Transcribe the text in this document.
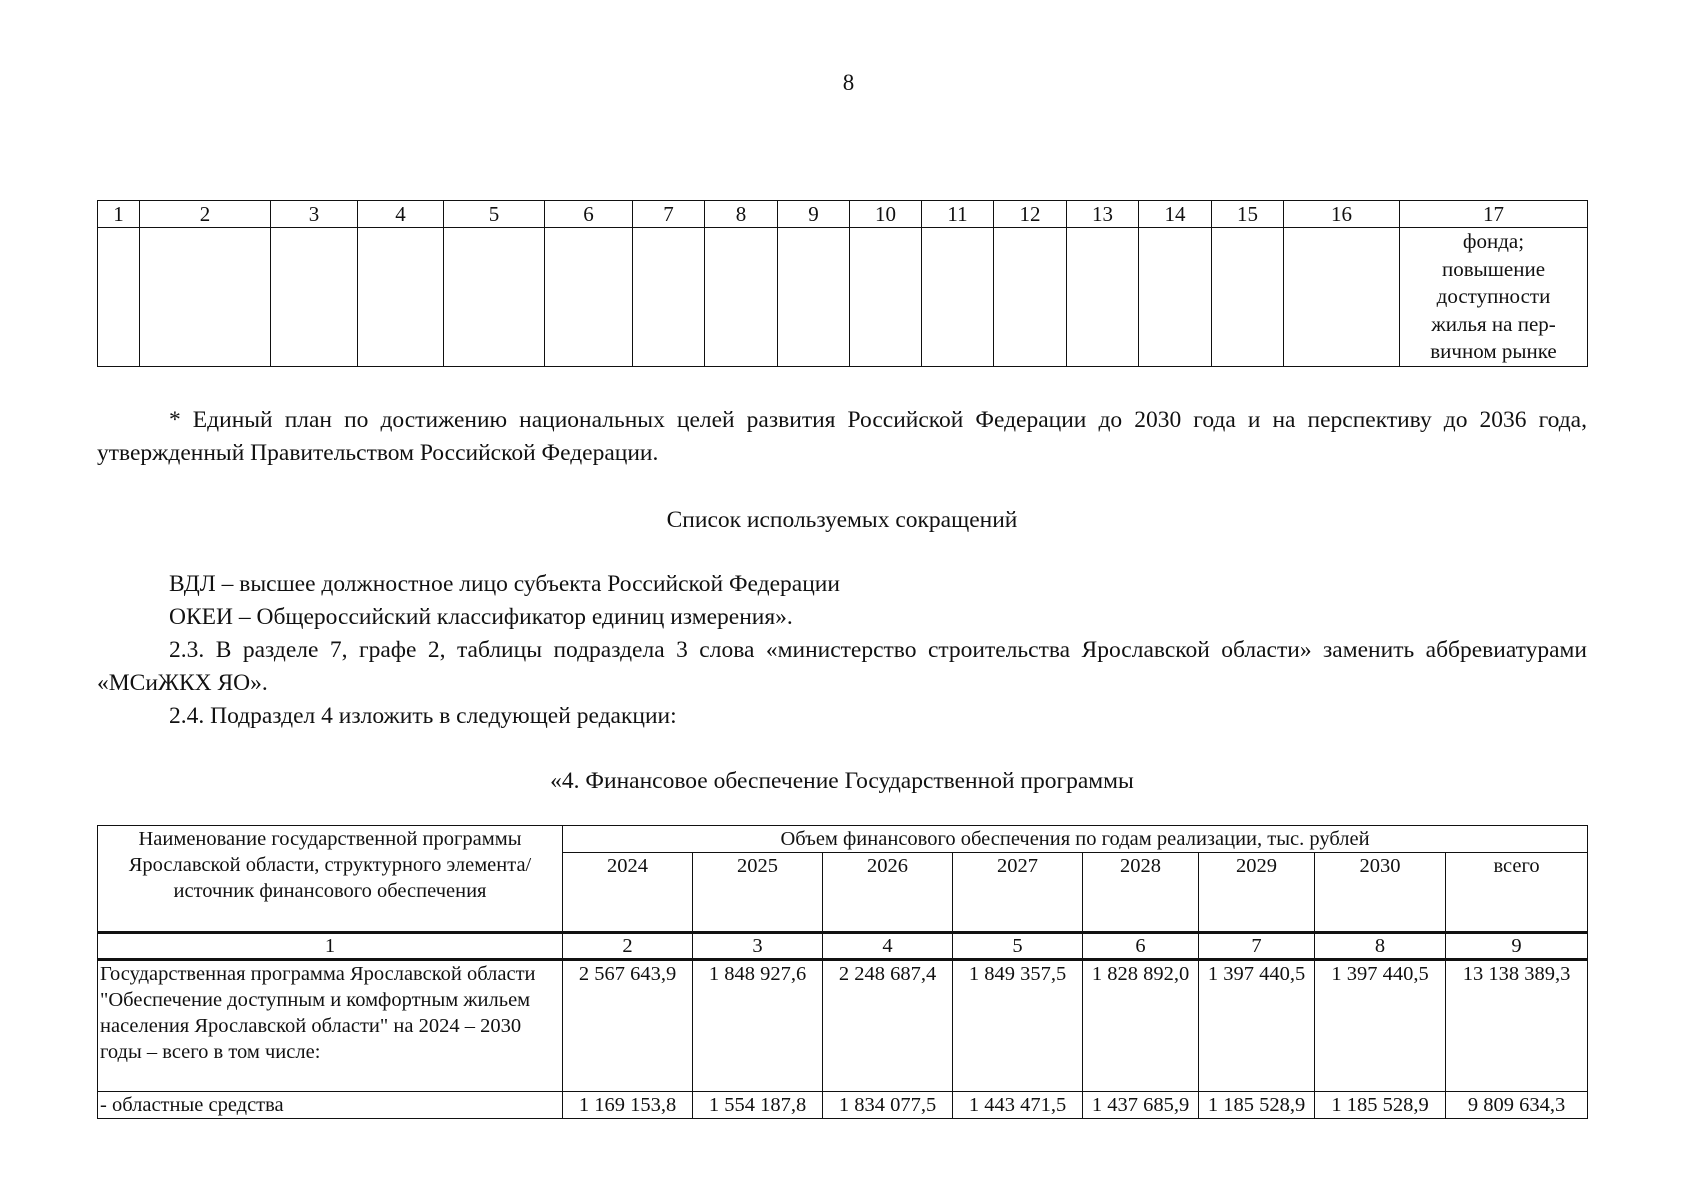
8
1	2	3	4	5	6	7	8	9	10	11	12	13	14	15	16	17

																фонда;
повышение
доступности
жилья на пер-
вичном рынке
* Единый план по достижению национальных целей развития Российской Федерации до 2030 года и на перспективу до 2036 года, утвержденный Правительством Российской Федерации.
Список используемых сокращений
ВДЛ – высшее должностное лицо субъекта Российской Федерации
ОКЕИ – Общероссийский классификатор единиц измерения».
2.3. В разделе 7, графе 2, таблицы подраздела 3 слова «министерство строительства Ярославской области» заменить аббревиатурами «МСиЖКХ ЯО».
2.4. Подраздел 4 изложить в следующей редакции:
«4. Финансовое обеспечение Государственной программы
Наименование государственной программы Ярославской области, структурного элемента/ источник финансового обеспечения	Объем финансового обеспечения по годам реализации, тыс. рублей							
	2024	2025	2026	2027	2028	2029	2030	всего
1	2	3	4	5	6	7	8	9
Государственная программа Ярославской области "Обеспечение доступным и комфортным жильем населения Ярославской области" на 2024 – 2030 годы – всего в том числе:	2 567 643,9	1 848 927,6	2 248 687,4	1 849 357,5	1 828 892,0	1 397 440,5	1 397 440,5	13 138 389,3
- областные средства	1 169 153,8	1 554 187,8	1 834 077,5	1 443 471,5	1 437 685,9	1 185 528,9	1 185 528,9	9 809 634,3
